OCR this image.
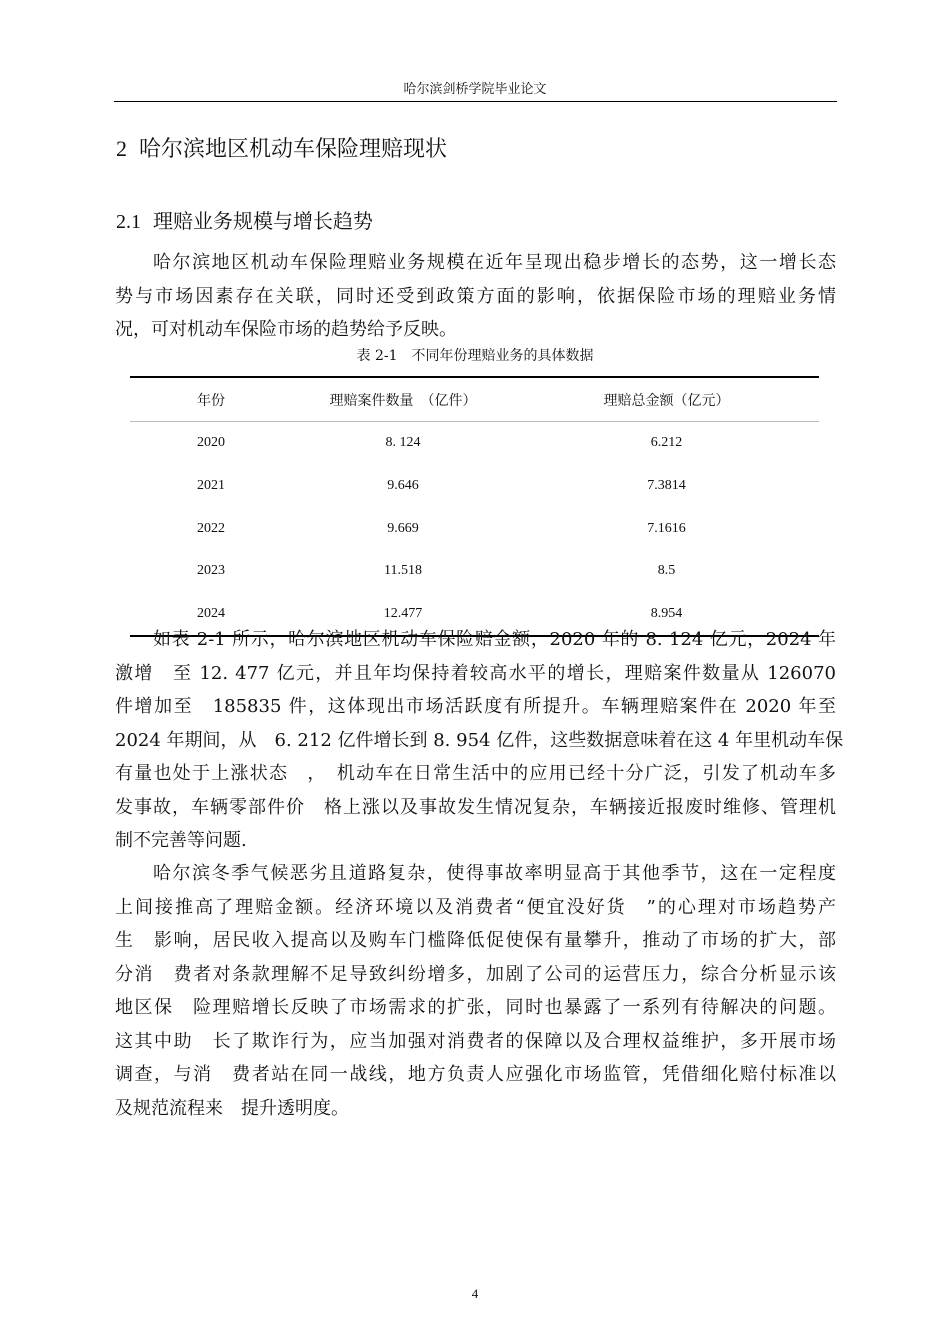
哈尔滨剑桥学院毕业论文
2 哈尔滨地区机动车保险理赔现状
2.1 理赔业务规模与增长趋势
哈尔滨地区机动车保险理赔业务规模在近年呈现出稳步增长的态势，这一增长态
势与市场因素存在关联，同时还受到政策方面的影响，依据保险市场的理赔业务情
况，可对机动车保险市场的趋势给予反映。
表 2-1　不同年份理赔业务的具体数据
年份	理赔案件数量　（亿件）	理赔总金额（亿元）
2020	8. 124	6.212
2021	9.646	7.3814
2022	9.669	7.1616
2023	11.518	8.5
2024	12.477	8.954
如表 2-1 所示，哈尔滨地区机动车保险赔金额，2020 年的 8. 124 亿元，2024 年
激增　至 12. 477 亿元，并且年均保持着较高水平的增长，理赔案件数量从 126070
件增加至　185835 件，这体现出市场活跃度有所提升。车辆理赔案件在 2020 年至
2024 年期间，从　6. 212 亿件增长到 8. 954 亿件，这些数据意味着在这 4 年里机动车保
有量也处于上涨状态　，　机动车在日常生活中的应用已经十分广泛，引发了机动车多
发事故，车辆零部件价　格上涨以及事故发生情况复杂，车辆接近报废时维修、管理机
制不完善等问题.
哈尔滨冬季气候恶劣且道路复杂，使得事故率明显高于其他季节，这在一定程度
上间接推高了理赔金额。经济环境以及消费者“便宜没好货　”的心理对市场趋势产
生　影响，居民收入提高以及购车门槛降低促使保有量攀升，推动了市场的扩大，部
分消　费者对条款理解不足导致纠纷增多，加剧了公司的运营压力，综合分析显示该
地区保　险理赔增长反映了市场需求的扩张，同时也暴露了一系列有待解决的问题。
这其中助　长了欺诈行为，应当加强对消费者的保障以及合理权益维护，多开展市场
调查，与消　费者站在同一战线，地方负责人应强化市场监管，凭借细化赔付标准以
及规范流程来　提升透明度。
4
